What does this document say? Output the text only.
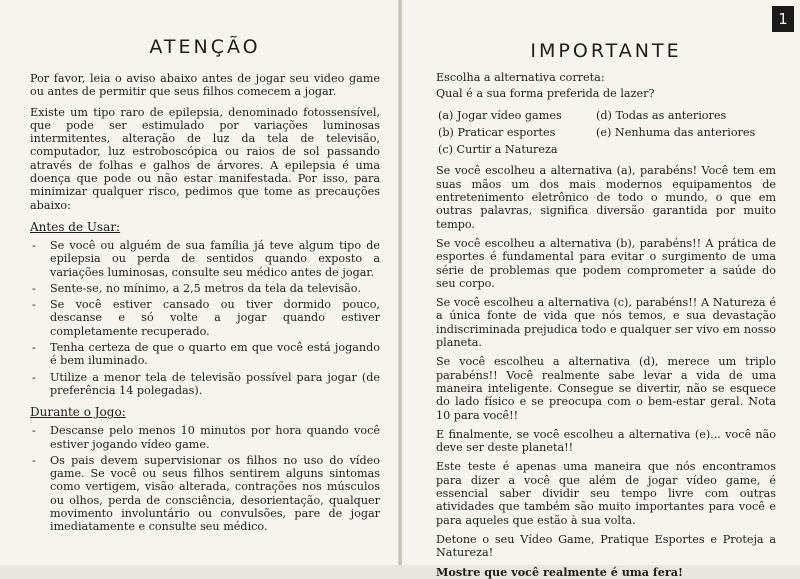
ATENÇÃO

Por favor, leia o aviso abaixo antes de jogar seu video game ou antes de permitir que seus filhos comecem a jogar.

Existe um tipo raro de epilepsia, denominado fotossensível, que pode ser estimulado por variações luminosas intermitentes, alteração de luz da tela de televisão, computador, luz estroboscópica ou raios de sol passando através de folhas e galhos de árvores. A epilepsia é uma doença que pode ou não estar manifestada. Por isso, para minimizar qualquer risco, pedimos que tome as precauções abaixo:

Antes de Usar:
- Se você ou alguém de sua família já teve algum tipo de epilepsia ou perda de sentidos quando exposto a variações luminosas, consulte seu médico antes de jogar.
- Sente-se, no mínimo, a 2,5 metros da tela da televisão.
- Se você estiver cansado ou tiver dormido pouco, descanse e só volte a jogar quando estiver completamente recuperado.
- Tenha certeza de que o quarto em que você está jogando é bem iluminado.
- Utilize a menor tela de televisão possível para jogar (de preferência 14 polegadas).
Durante o Jogo:
- Descanse pelo menos 10 minutos por hora quando você estiver jogando vídeo game.
- Os pais devem supervisionar os filhos no uso do vídeo game. Se você ou seus filhos sentirem alguns sintomas como vertigem, visão alterada, contrações nos músculos ou olhos, perda de consciência, desorientação, qualquer movimento involuntário ou convulsões, pare de jogar imediatamente e consulte seu médico.
1
IMPORTANTE

Escolha a alternativa correta:

Qual é a sua forma preferida de lazer?

(a) Jogar vídeo games	(d) Todas as anteriores
(b) Praticar esportes	(e) Nenhuma das anteriores
(c) Curtir a Natureza

Se você escolheu a alternativa (a), parabéns! Você tem em suas mãos um dos mais modernos equipamentos de entretenimento eletrônico de todo o mundo, o que em outras palavras, significa diversão garantida por muito tempo.

Se você escolheu a alternativa (b), parabéns!! A prática de esportes é fundamental para evitar o surgimento de uma série de problemas que podem comprometer a saúde do seu corpo.

Se você escolheu a alternativa (c), parabéns!! A Natureza é a única fonte de vida que nós temos, e sua devastação indiscriminada prejudica todo e qualquer ser vivo em nosso planeta.

Se você escolheu a alternativa (d), merece um triplo parabéns!! Você realmente sabe levar a vida de uma maneira inteligente. Consegue se divertir, não se esquece do lado físico e se preocupa com o bem-estar geral. Nota 10 para você!!

E finalmente, se você escolheu a alternativa (e)... você não deve ser deste planeta!!

Este teste é apenas uma maneira que nós encontramos para dizer a você que além de jogar vídeo game, é essencial saber dividir seu tempo livre com outras atividades que também são muito importantes para você e para aqueles que estão à sua volta.

Detone o seu Vídeo Game, Pratique Esportes e Proteja a Natureza!

Mostre que você realmente é uma fera!
